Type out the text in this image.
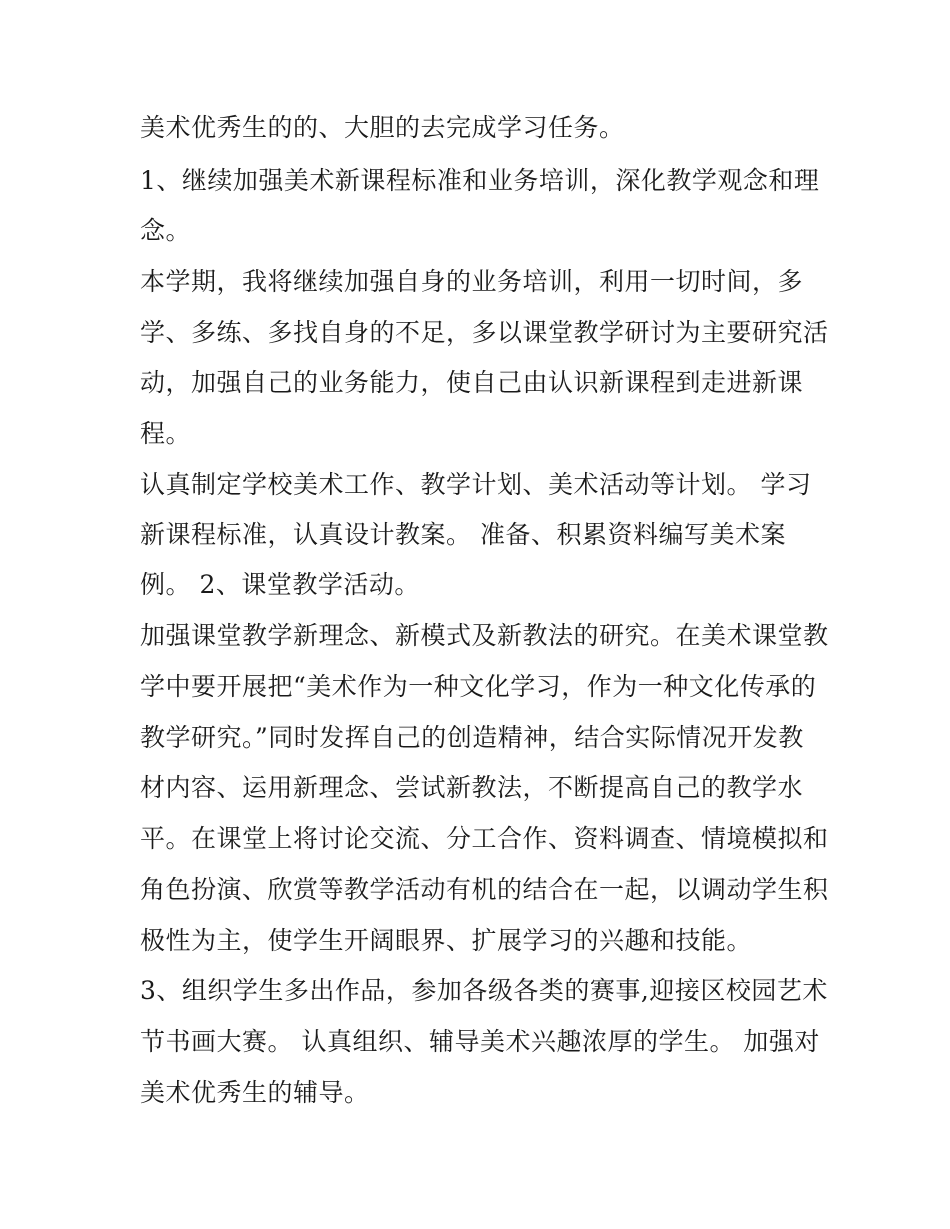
美术优秀生的的、大胆的去完成学习任务。
1、继续加强美术新课程标准和业务培训，深化教学观念和理
念。
本学期，我将继续加强自身的业务培训，利用一切时间，多
学、多练、多找自身的不足，多以课堂教学研讨为主要研究活
动，加强自己的业务能力，使自己由认识新课程到走进新课
程。
认真制定学校美术工作、教学计划、美术活动等计划。 学习
新课程标准，认真设计教案。 准备、积累资料编写美术案
例。 2、课堂教学活动。
加强课堂教学新理念、新模式及新教法的研究。在美术课堂教
学中要开展把“美术作为一种文化学习，作为一种文化传承的
教学研究。”同时发挥自己的创造精神，结合实际情况开发教
材内容、运用新理念、尝试新教法，不断提高自己的教学水
平。在课堂上将讨论交流、分工合作、资料调查、情境模拟和
角色扮演、欣赏等教学活动有机的结合在一起，以调动学生积
极性为主，使学生开阔眼界、扩展学习的兴趣和技能。
3、组织学生多出作品，参加各级各类的赛事,迎接区校园艺术
节书画大赛。 认真组织、辅导美术兴趣浓厚的学生。 加强对
美术优秀生的辅导。
